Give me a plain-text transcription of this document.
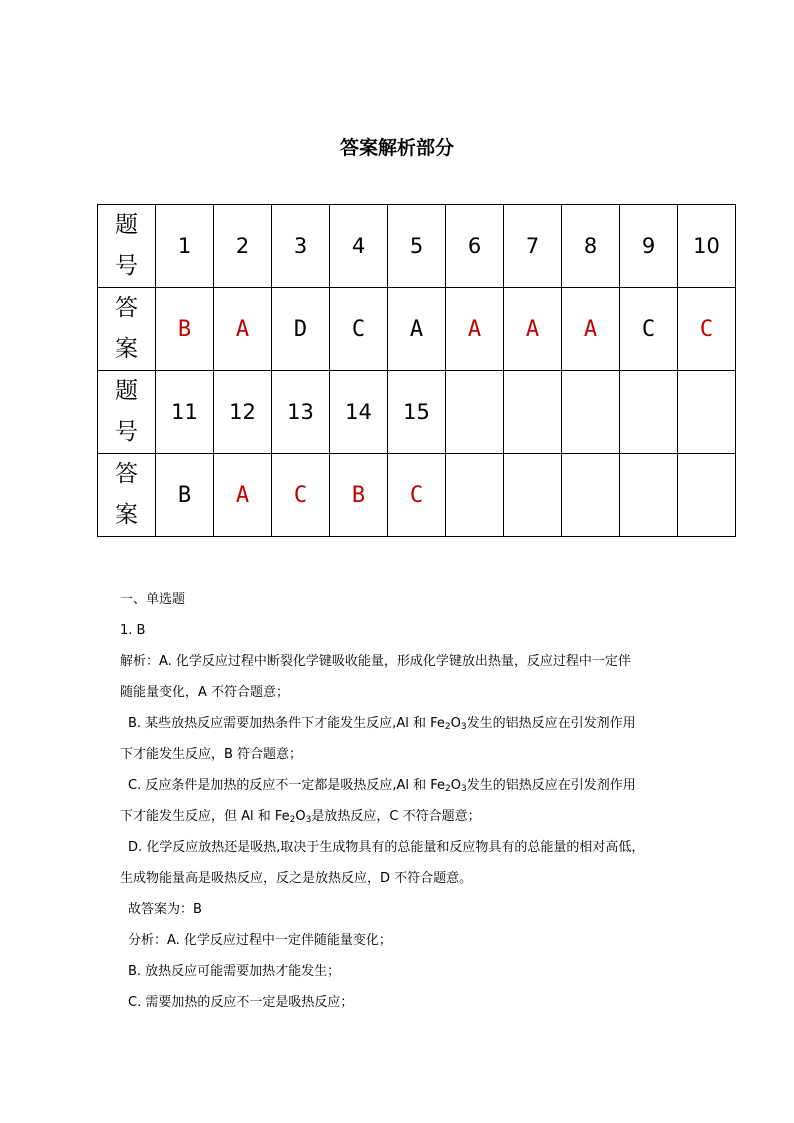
答案解析部分
题
号	1	2	3	4	5	6	7	8	9	10

答
案	B	A	D	C	A	A	A	A	C	C

题
号	11	12	13	14	15					

答
案	B	A	C	B	C					
一、单选题
1. B
解析：A. 化学反应过程中断裂化学键吸收能量，形成化学键放出热量，反应过程中一定伴
随能量变化，A 不符合题意；
B. 某些放热反应需要加热条件下才能发生反应,Al 和 $Fe_2O_3$发生的铝热反应在引发剂作用
下才能发生反应，B 符合题意；
C. 反应条件是加热的反应不一定都是吸热反应,Al 和 $Fe_2O_3$发生的铝热反应在引发剂作用
下才能发生反应，但 Al 和 $Fe_2O_3$是放热反应，C 不符合题意；
D. 化学反应放热还是吸热,取决于生成物具有的总能量和反应物具有的总能量的相对高低，
生成物能量高是吸热反应，反之是放热反应，D 不符合题意。
故答案为：B
分析：A. 化学反应过程中一定伴随能量变化；
B. 放热反应可能需要加热才能发生；
C. 需要加热的反应不一定是吸热反应；
